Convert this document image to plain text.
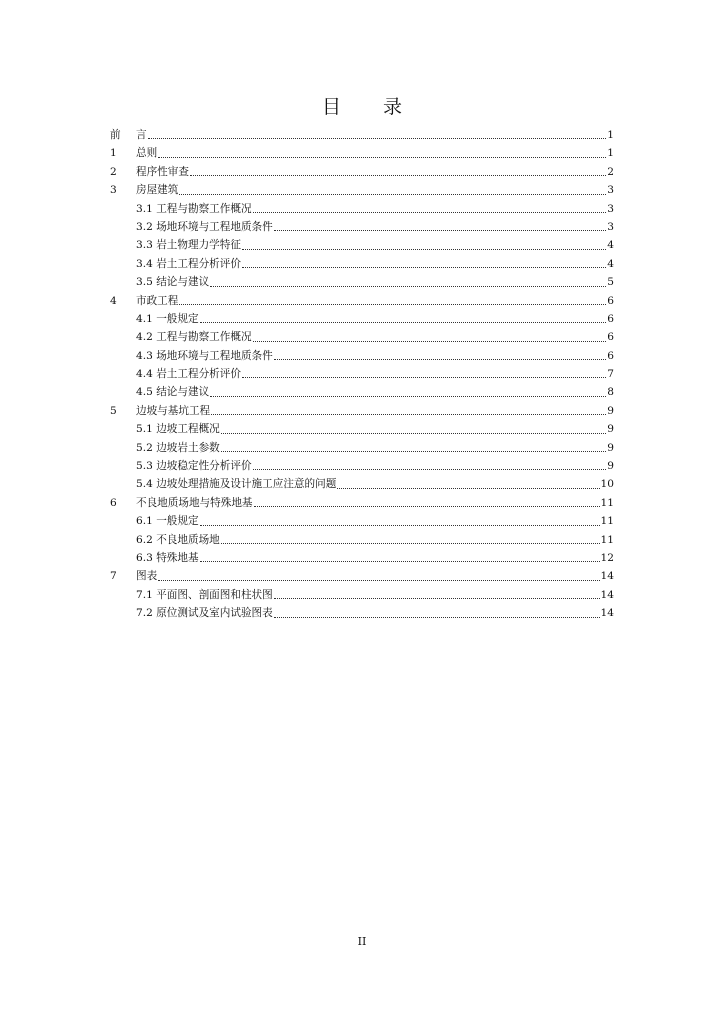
目 录
前	言	1
1	总则	1
2	程序性审查	2
3	房屋建筑	3
3.1 工程与勘察工作概况	3
3.2 场地环境与工程地质条件	3
3.3 岩土物理力学特征	4
3.4 岩土工程分析评价	4
3.5 结论与建议	5
4	市政工程	6
4.1 一般规定	6
4.2 工程与勘察工作概况	6
4.3 场地环境与工程地质条件	6
4.4 岩土工程分析评价	7
4.5 结论与建议	8
5	边坡与基坑工程	9
5.1 边坡工程概况	9
5.2 边坡岩土参数	9
5.3 边坡稳定性分析评价	9
5.4 边坡处理措施及设计施工应注意的问题	10
6	不良地质场地与特殊地基	11
6.1 一般规定	11
6.2 不良地质场地	11
6.3 特殊地基	12
7	图表	14
7.1 平面图、剖面图和柱状图	14
7.2 原位测试及室内试验图表	14
II
